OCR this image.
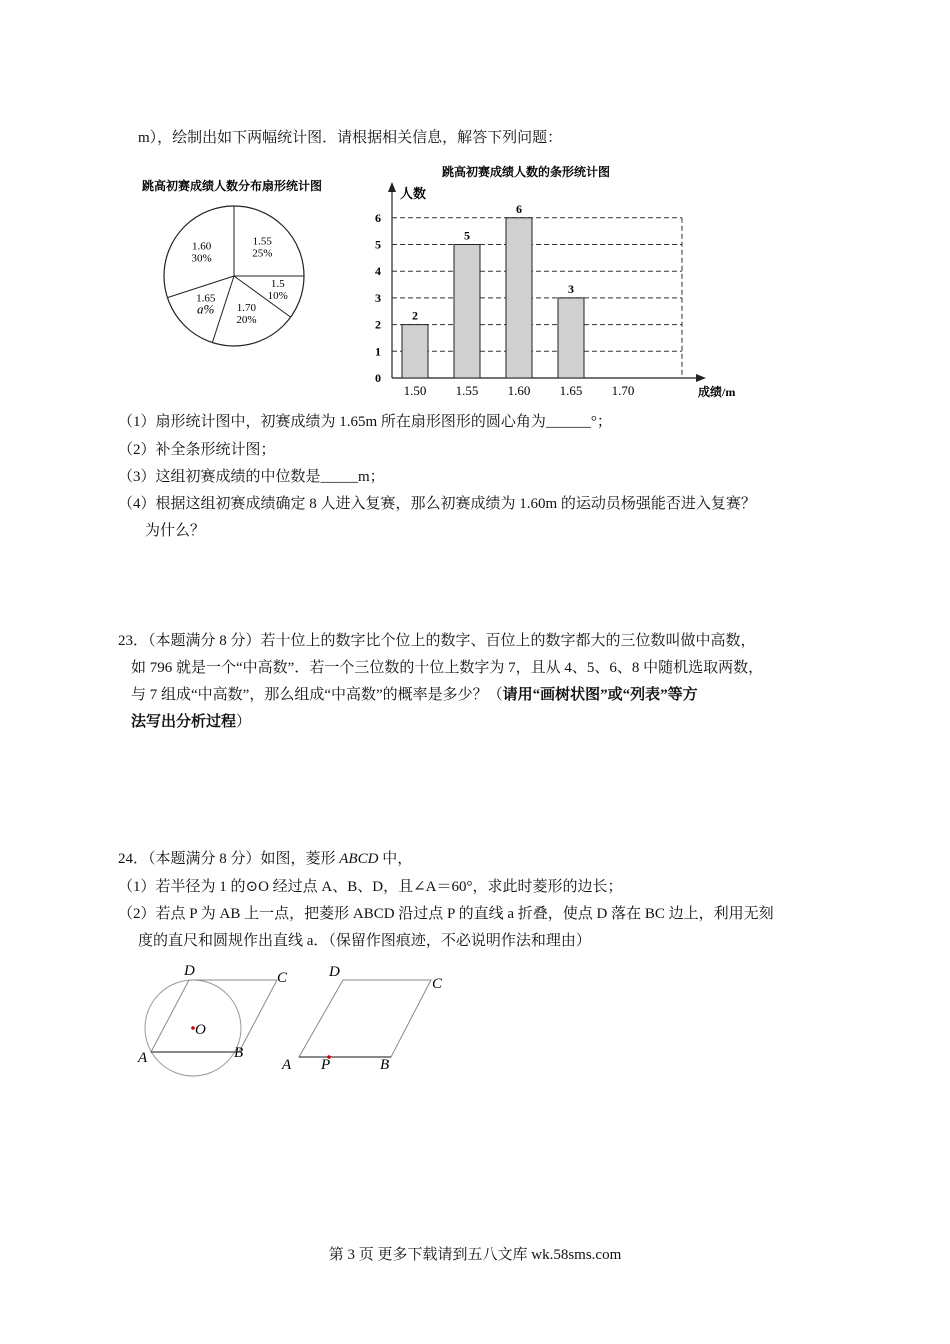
m），绘制出如下两幅统计图．请根据相关信息，解答下列问题：
跳高初赛成绩人数分布扇形统计图
1.55
25%
1.5
10%
1.70
20%
1.65
a%
1.60
30%
跳高初赛成绩人数的条形统计图
人数
成绩/m
0
1
2
3
4
5
6
1.50
2
1.55
5
1.60
6
1.65
3
1.70
（1）扇形统计图中，初赛成绩为 1.65m 所在扇形图形的圆心角为______°；
（2）补全条形统计图；
（3）这组初赛成绩的中位数是_____m；
（4）根据这组初赛成绩确定 8 人进入复赛，那么初赛成绩为 1.60m 的运动员杨强能否进入复赛？
为什么？
23．（本题满分 8 分）若十位上的数字比个位上的数字、百位上的数字都大的三位数叫做中高数，
如 796 就是一个“中高数”．若一个三位数的十位上数字为 7，且从 4、5、6、8 中随机选取两数，
与 7 组成“中高数”，那么组成“中高数”的概率是多少？（请用“画树状图”或“列表”等方
法写出分析过程）
24．（本题满分 8 分）如图，菱形 ABCD 中，
（1）若半径为 1 的⊙O 经过点 A、B、D，且∠A＝60°，求此时菱形的边长；
（2）若点 P 为 AB 上一点，把菱形 ABCD 沿过点 P 的直线 a 折叠，使点 D 落在 BC 边上，利用无刻
度的直尺和圆规作出直线 a．（保留作图痕迹，不必说明作法和理由）
D	C
O
A	B
D
C
A P	B
第 3 页 更多下载请到五八文库 wk.58sms.com
